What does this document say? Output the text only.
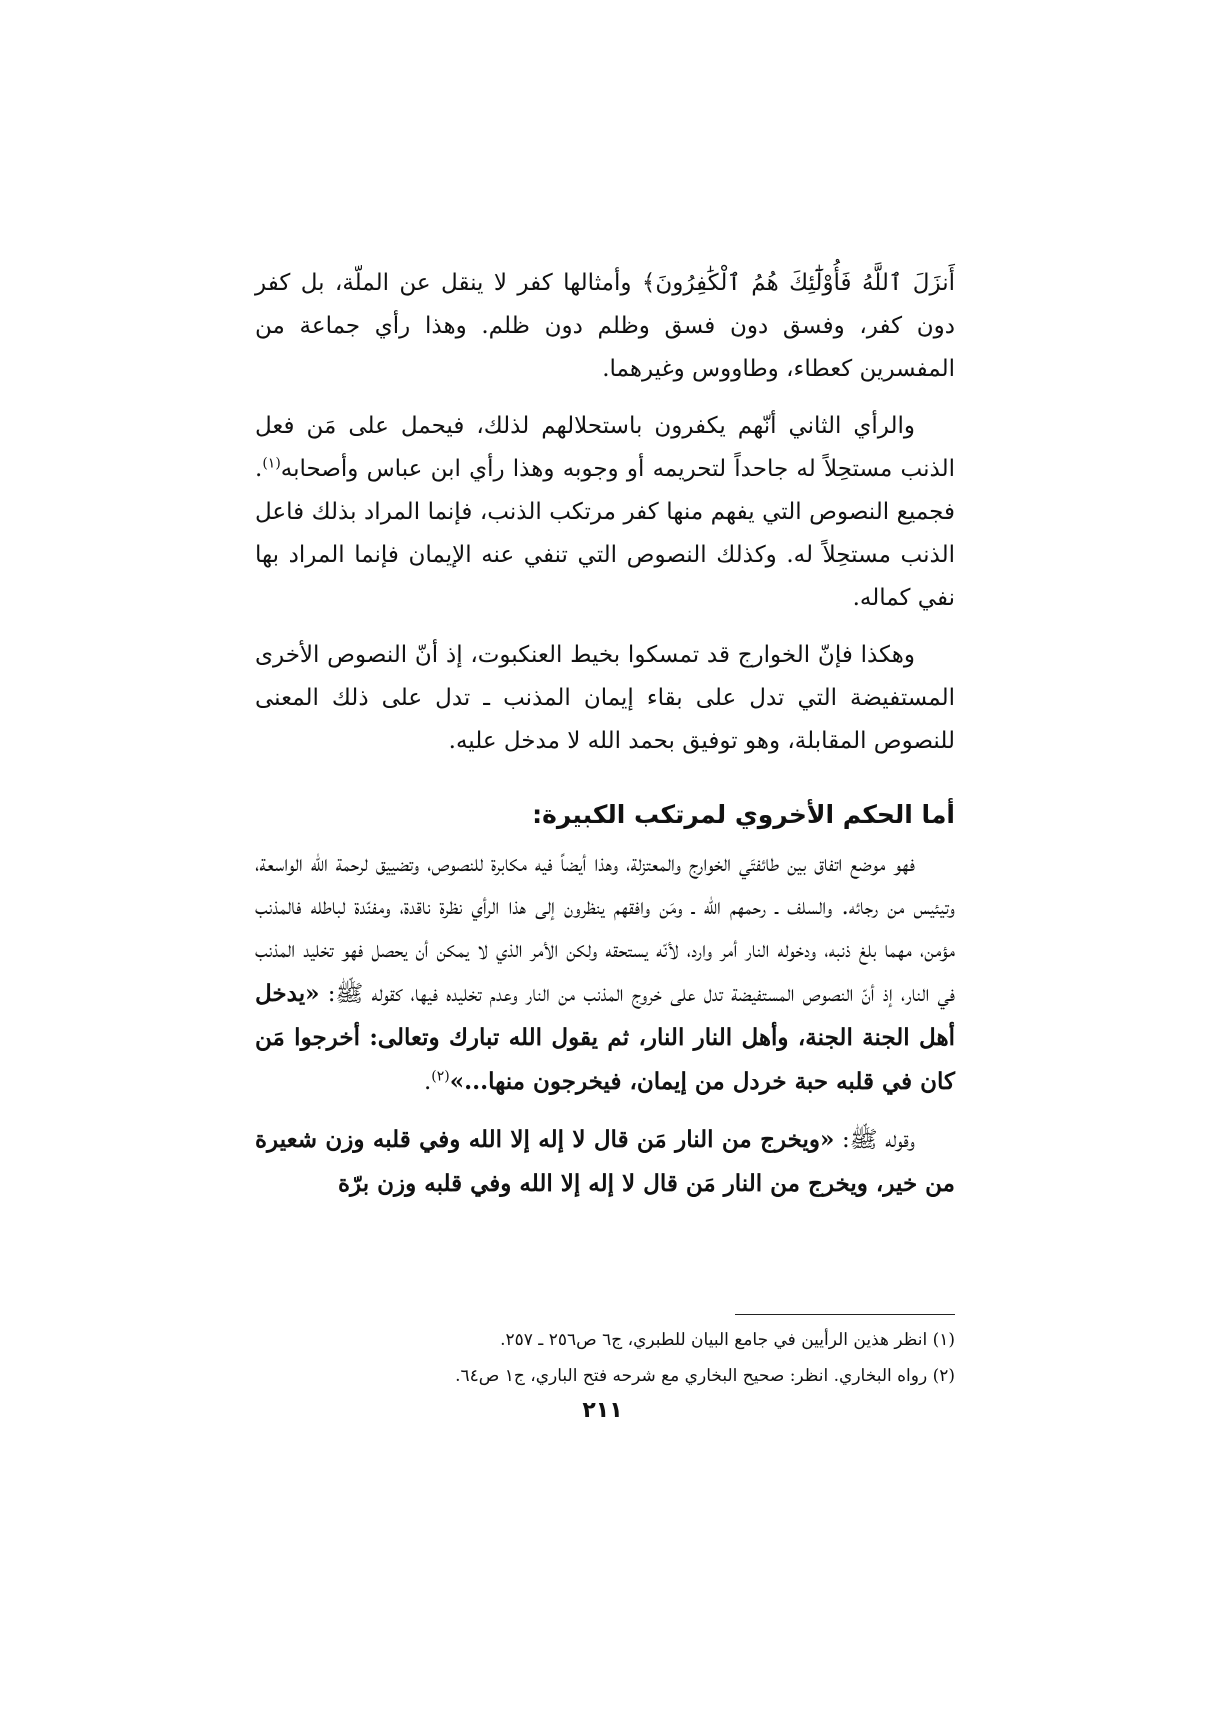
أَنزَلَ ٱللَّهُ فَأُوْلَٰٓئِكَ هُمُ ٱلْكَٰفِرُونَ﴾ وأمثالها كفر لا ينقل عن الملّة، بل كفر دون كفر، وفسق دون فسق وظلم دون ظلم. وهذا رأي جماعة من المفسرين كعطاء، وطاووس وغيرهما.

والرأي الثاني أنّهم يكفرون باستحلالهم لذلك، فيحمل على مَن فعل الذنب مستحِلاً له جاحداً لتحريمه أو وجوبه وهذا رأي ابن عباس وأصحابه$^{(١)}$. فجميع النصوص التي يفهم منها كفر مرتكب الذنب، فإنما المراد بذلك فاعل الذنب مستحِلاً له. وكذلك النصوص التي تنفي عنه الإيمان فإنما المراد بها نفي كماله.

وهكذا فإنّ الخوارج قد تمسكوا بخيط العنكبوت، إذ أنّ النصوص الأخرى المستفيضة التي تدل على بقاء إيمان المذنب ـ تدل على ذلك المعنى للنصوص المقابلة، وهو توفيق بحمد الله لا مدخل عليه.

أما الحكم الأخروي لمرتكب الكبيرة:

فهو موضع اتفاق بين طائفتَي الخوارج والمعتزلة، وهذا أيضاً فيه مكابرة للنصوص، وتضييق لرحمة الله الواسعة، وتيئيس من رجائه. والسلف ـ رحمهم الله ـ ومَن وافقهم ينظرون إلى هذا الرأي نظرة ناقدة، ومفنّدة لباطله فالمذنب مؤمن، مهما بلغ ذنبه، ودخوله النار أمر وارد، لأنّه يستحقه ولكن الأمر الذي لا يمكن أن يحصل فهو تخليد المذنب في النار، إذ أنّ النصوص المستفيضة تدل على خروج المذنب من النار وعدم تخليده فيها، كقوله ﷺ: «يدخل أهل الجنة الجنة، وأهل النار النار، ثم يقول الله تبارك وتعالى: أخرجوا مَن كان في قلبه حبة خردل من إيمان، فيخرجون منها...»$^{(٢)}$.

وقوله ﷺ: «ويخرج من النار مَن قال لا إله إلا الله وفي قلبه وزن شعيرة من خير، ويخرج من النار مَن قال لا إله إلا الله وفي قلبه وزن برّة

(١) انظر هذين الرأيين في جامع البيان للطبري، ج٦ ص٢٥٦ ـ ٢٥٧.
(٢) رواه البخاري. انظر: صحيح البخاري مع شرحه فتح الباري، ج١ ص٦٤.
٢١١
